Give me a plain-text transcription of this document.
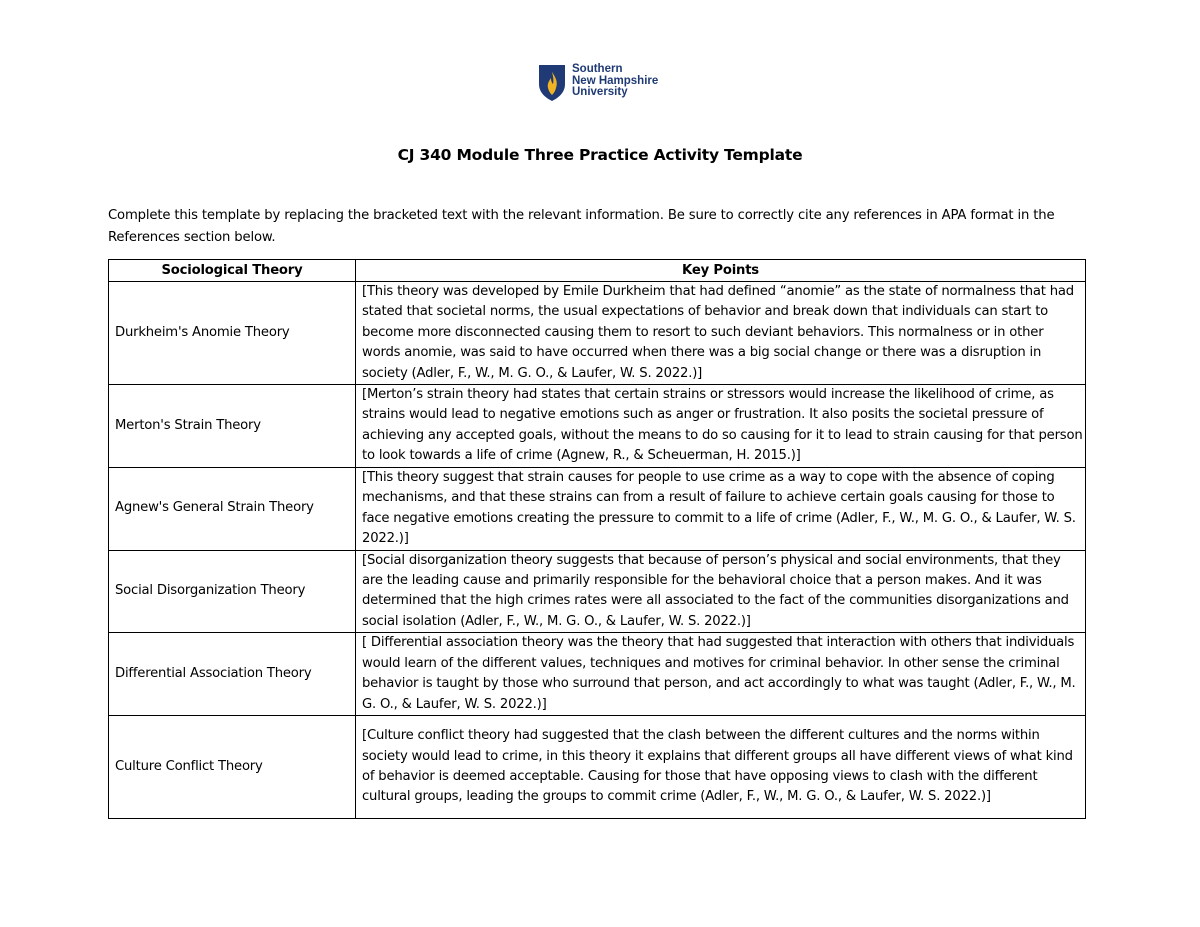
Southern
New Hampshire
University
CJ 340 Module Three Practice Activity Template
Complete this template by replacing the bracketed text with the relevant information. Be sure to correctly cite any references in APA format in the References section below.
Sociological Theory	Key Points
Durkheim's Anomie Theory	[This theory was developed by Emile Durkheim that had defined “anomie” as the state of normalness that had stated that societal norms, the usual expectations of behavior and break down that individuals can start to become more disconnected causing them to resort to such deviant behaviors. This normalness or in other words anomie, was said to have occurred when there was a big social change or there was a disruption in society (Adler, F., W., M. G. O., & Laufer, W. S. 2022.)]
Merton's Strain Theory	[Merton’s strain theory had states that certain strains or stressors would increase the likelihood of crime, as strains would lead to negative emotions such as anger or frustration. It also posits the societal pressure of achieving any accepted goals, without the means to do so causing for it to lead to strain causing for that person to look towards a life of crime (Agnew, R., & Scheuerman, H. 2015.)]
Agnew's General Strain Theory	[This theory suggest that strain causes for people to use crime as a way to cope with the absence of coping mechanisms, and that these strains can from a result of failure to achieve certain goals causing for those to face negative emotions creating the pressure to commit to a life of crime (Adler, F., W., M. G. O., & Laufer, W. S. 2022.)]
Social Disorganization Theory	[Social disorganization theory suggests that because of person’s physical and social environments, that they are the leading cause and primarily responsible for the behavioral choice that a person makes. And it was determined that the high crimes rates were all associated to the fact of the communities disorganizations and social isolation (Adler, F., W., M. G. O., & Laufer, W. S. 2022.)]
Differential Association Theory	[ Differential association theory was the theory that had suggested that interaction with others that individuals would learn of the different values, techniques and motives for criminal behavior. In other sense the criminal behavior is taught by those who surround that person, and act accordingly to what was taught (Adler, F., W., M. G. O., & Laufer, W. S. 2022.)]
Culture Conflict Theory	[Culture conflict theory had suggested that the clash between the different cultures and the norms within society would lead to crime, in this theory it explains that different groups all have different views of what kind of behavior is deemed acceptable. Causing for those that have opposing views to clash with the different cultural groups, leading the groups to commit crime (Adler, F., W., M. G. O., & Laufer, W. S. 2022.)]
